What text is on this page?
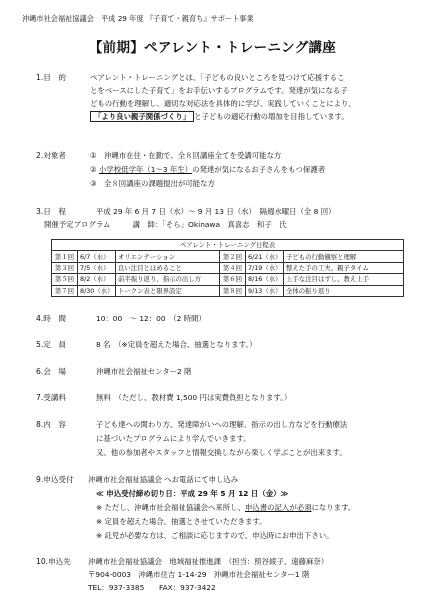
沖縄市社会福祉協議会　平成 29 年度 『子育て・親育ち』サポート事業
【前期】ペアレント・トレーニング講座
1.目　的	ペアレント・トレーニングとは、「子どもの良いところを見つけて応援するこ
とをベースにした子育て」をお手伝いするプログラムです。発達が気になる子
どもの行動を理解し、適切な対応法を具体的に学び、実践していくことにより、
「より良い親子関係づくり」 と子どもの適応行動の増加を目指しています。
2.対象者	①　沖縄市在住・在勤で、全８回講座全てを受講可能な方
② 小学校低学年（1～3 年生）の発達が気になるお子さんをもつ保護者
③　全８回講座の課題提出が可能な方
3.日　程	平成 29 年 6 月 7 日（水）～ 9 月 13 日（水）　隔週水曜日（全 8 回）
開催予定プログラム　　　講　師：「そら」Okinawa　真喜志　和子　氏
ペアレント・トレーニング日程表					
第１回	6/7（水）	オリエンテーション	第２回	6/21（水）	子どもの行動観察と理解
第３回	7/5（水）	良い注目とほめること	第４回	7/19（水）	整えた手の工夫、親子タイム
第５回	8/2（水）	前半振り返り、指示の出し方	第６回	8/16（水）	上手な注目はずし、教え上手
第７回	8/30（水）	トークン表と限界設定	第８回	9/13（水）	全体の振り返り
4.時　間	10：00　～ 12：00　（2 時間）
5.定　員	8 名　（※定員を超えた場合、抽選となります。）
6.会　場	沖縄市社会福祉センター2 階
7.受講料	無料　（ただし、教材費 1,500 円は実費負担となります。）
8.内　容	子ども達への関わり方、発達障がいへの理解、指示の出し方などを行動療法
に基づいたプログラムにより学んでいきます。
又、他の参加者やスタッフと情報交換しながら楽しく学ぶことが出来ます。
9.申込受付 沖縄市社会福祉協議会 へお電話にて申し込み
≪ 申込受付締め切り日：平成 29 年 5 月 12 日（金）≫
※ ただし、沖縄市社会福祉協議会へ来所し、申込書の記入が必須になります。
※ 定員を超えた場合、抽選とさせていただきます。
※ 託児が必要な方は、ご相談に応じますので、申込時にお申出下さい。
10.申込先 沖縄市社会福祉協議会　地域福祉推進課　（担当：照谷綾子、遠藤麻奈）
〒904-0003　沖縄市住吉 1-14-29　沖縄市社会福祉センター1 階
TEL：937-3385　　FAX：937-3422
